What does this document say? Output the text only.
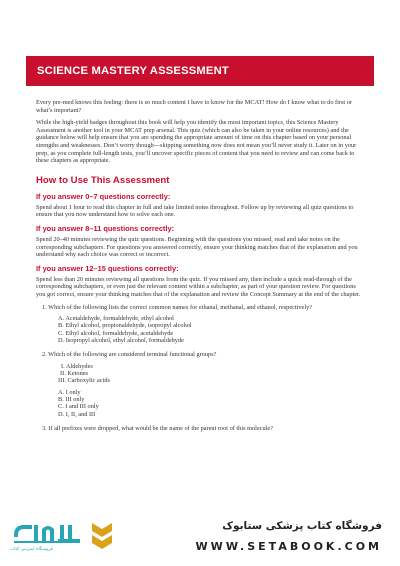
SCIENCE MASTERY ASSESSMENT

Every pre-med knows this feeling: there is so much content I have to know for the MCAT! How do I know what to do first or what’s important?

While the high-yield badges throughout this book will help you identify the most important topics, this Science Mastery Assessment is another tool in your MCAT prep arsenal. This quiz (which can also be taken in your online resources) and the guidance below will help ensure that you are spending the appropriate amount of time on this chapter based on your personal strengths and weaknesses. Don’t worry though—skipping something now does not mean you’ll never study it. Later on in your prep, as you complete full-length tests, you’ll uncover specific pieces of content that you need to review and can come back to these chapters as appropriate.

How to Use This Assessment
If you answer 0–7 questions correctly:

Spend about 1 hour to read this chapter in full and take limited notes throughout. Follow up by reviewing all quiz questions to ensure that you now understand how to solve each one.

If you answer 8–11 questions correctly:

Spend 20–40 minutes reviewing the quiz questions. Beginning with the questions you missed, read and take notes on the corresponding subchapters. For questions you answered correctly, ensure your thinking matches that of the explanation and you understand why each choice was correct or incorrect.

If you answer 12–15 questions correctly:

Spend less than 20 minutes reviewing all questions from the quiz. If you missed any, then include a quick read-through of the corresponding subchapters, or even just the relevant content within a subchapter, as part of your question review. For questions you got correct, ensure your thinking matches that of the explanation and review the Concept Summary at the end of the chapter.

1. Which of the following lists the correct common names for ethanal, methanal, and ethanol, respectively?
A. Acetaldehyde, formaldehyde, ethyl alcohol
B. Ethyl alcohol, propionaldehyde, isopropyl alcohol
C. Ethyl alcohol, formaldehyde, acetaldehyde
D. Isopropyl alcohol, ethyl alcohol, formaldehyde
2. Which of the following are considered terminal functional groups?
I. Aldehydes
II. Ketones
III. Carboxylic acids
A. I only
B. III only
C. I and III only
D. I, II, and III
3. If all prefixes were dropped, what would be the name of the parent root of this molecule?
فروشگاه اینترنتی کتاب
فروشگاه کتاب پزشکی ستابوک
WWW.SETABOOK.COM
